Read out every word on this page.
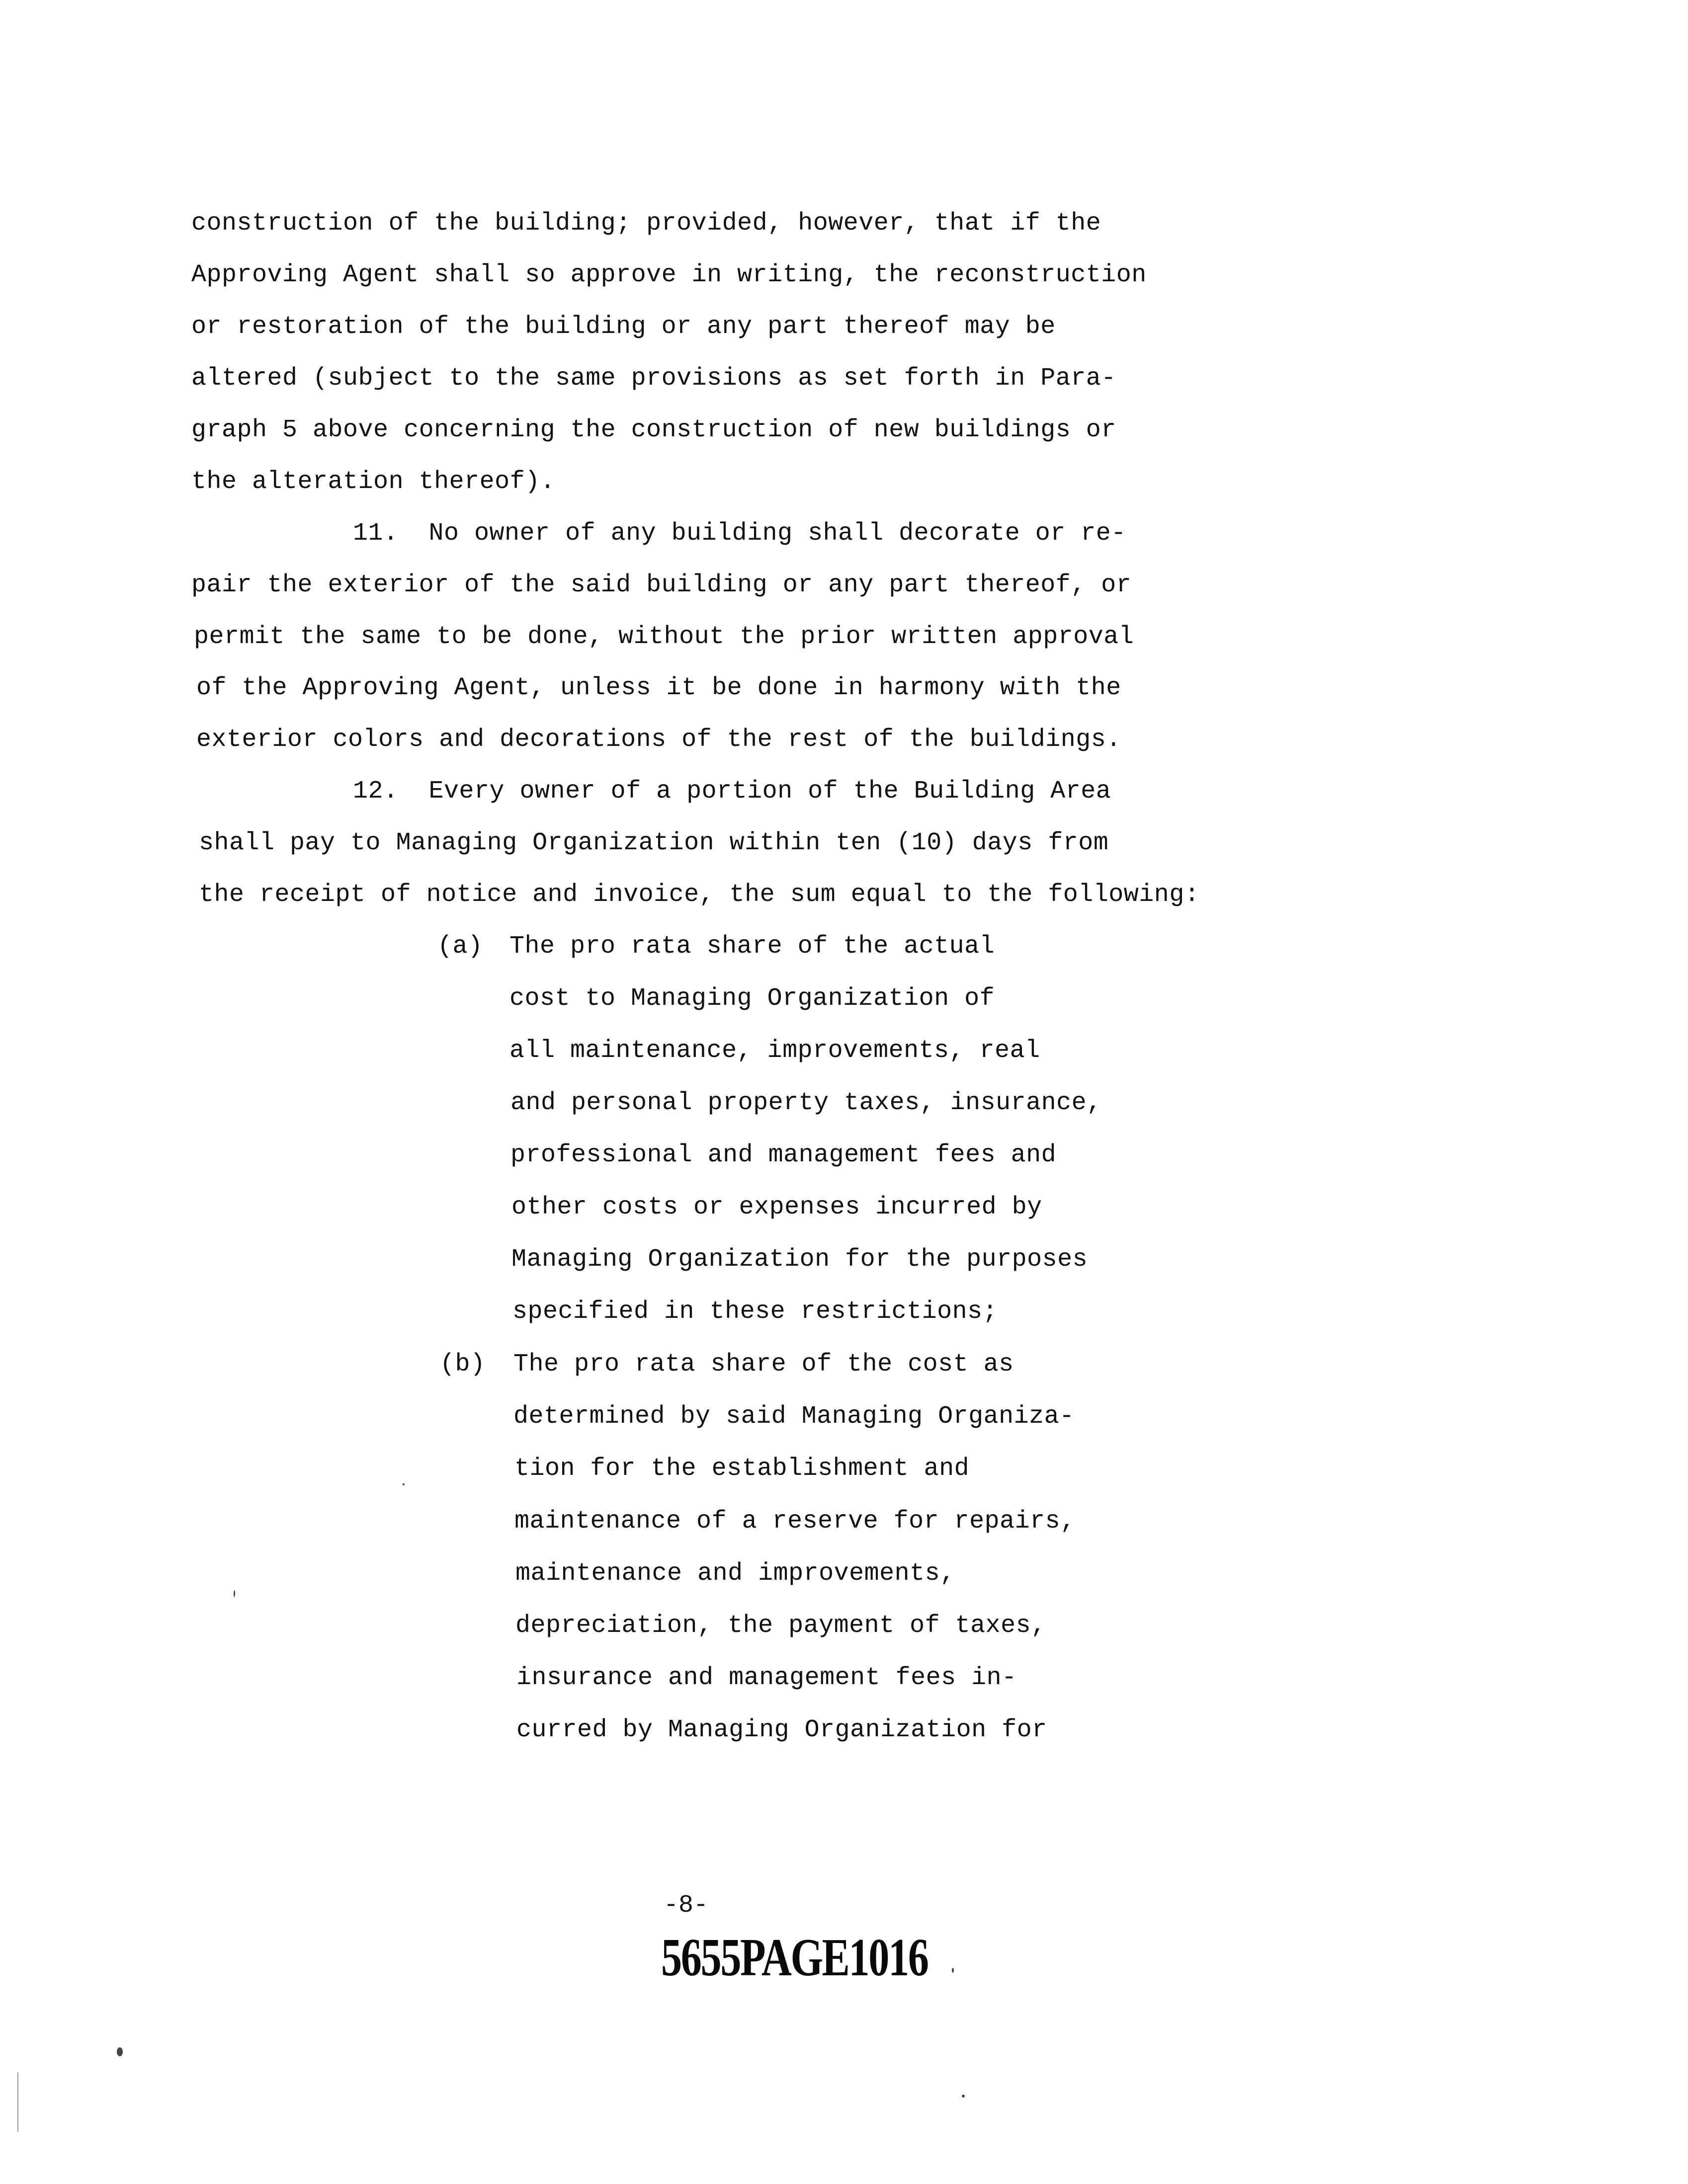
construction of the building; provided, however, that if the
Approving Agent shall so approve in writing, the reconstruction
or restoration of the building or any part thereof may be
altered (subject to the same provisions as set forth in Para-
graph 5 above concerning the construction of new buildings or
the alteration thereof).
11.  No owner of any building shall decorate or re-
pair the exterior of the said building or any part thereof, or
permit the same to be done, without the prior written approval
of the Approving Agent, unless it be done in harmony with the
exterior colors and decorations of the rest of the buildings.
12.  Every owner of a portion of the Building Area
shall pay to Managing Organization within ten (10) days from
the receipt of notice and invoice, the sum equal to the following:
(a) The pro rata share of the actual
cost to Managing Organization of
all maintenance, improvements, real
and personal property taxes, insurance,
professional and management fees and
other costs or expenses incurred by
Managing Organization for the purposes
specified in these restrictions;
(b) The pro rata share of the cost as
determined by said Managing Organiza-
tion for the establishment and
maintenance of a reserve for repairs,
maintenance and improvements,
depreciation, the payment of taxes,
insurance and management fees in-
curred by Managing Organization for
-8-
5655PAGE1016
